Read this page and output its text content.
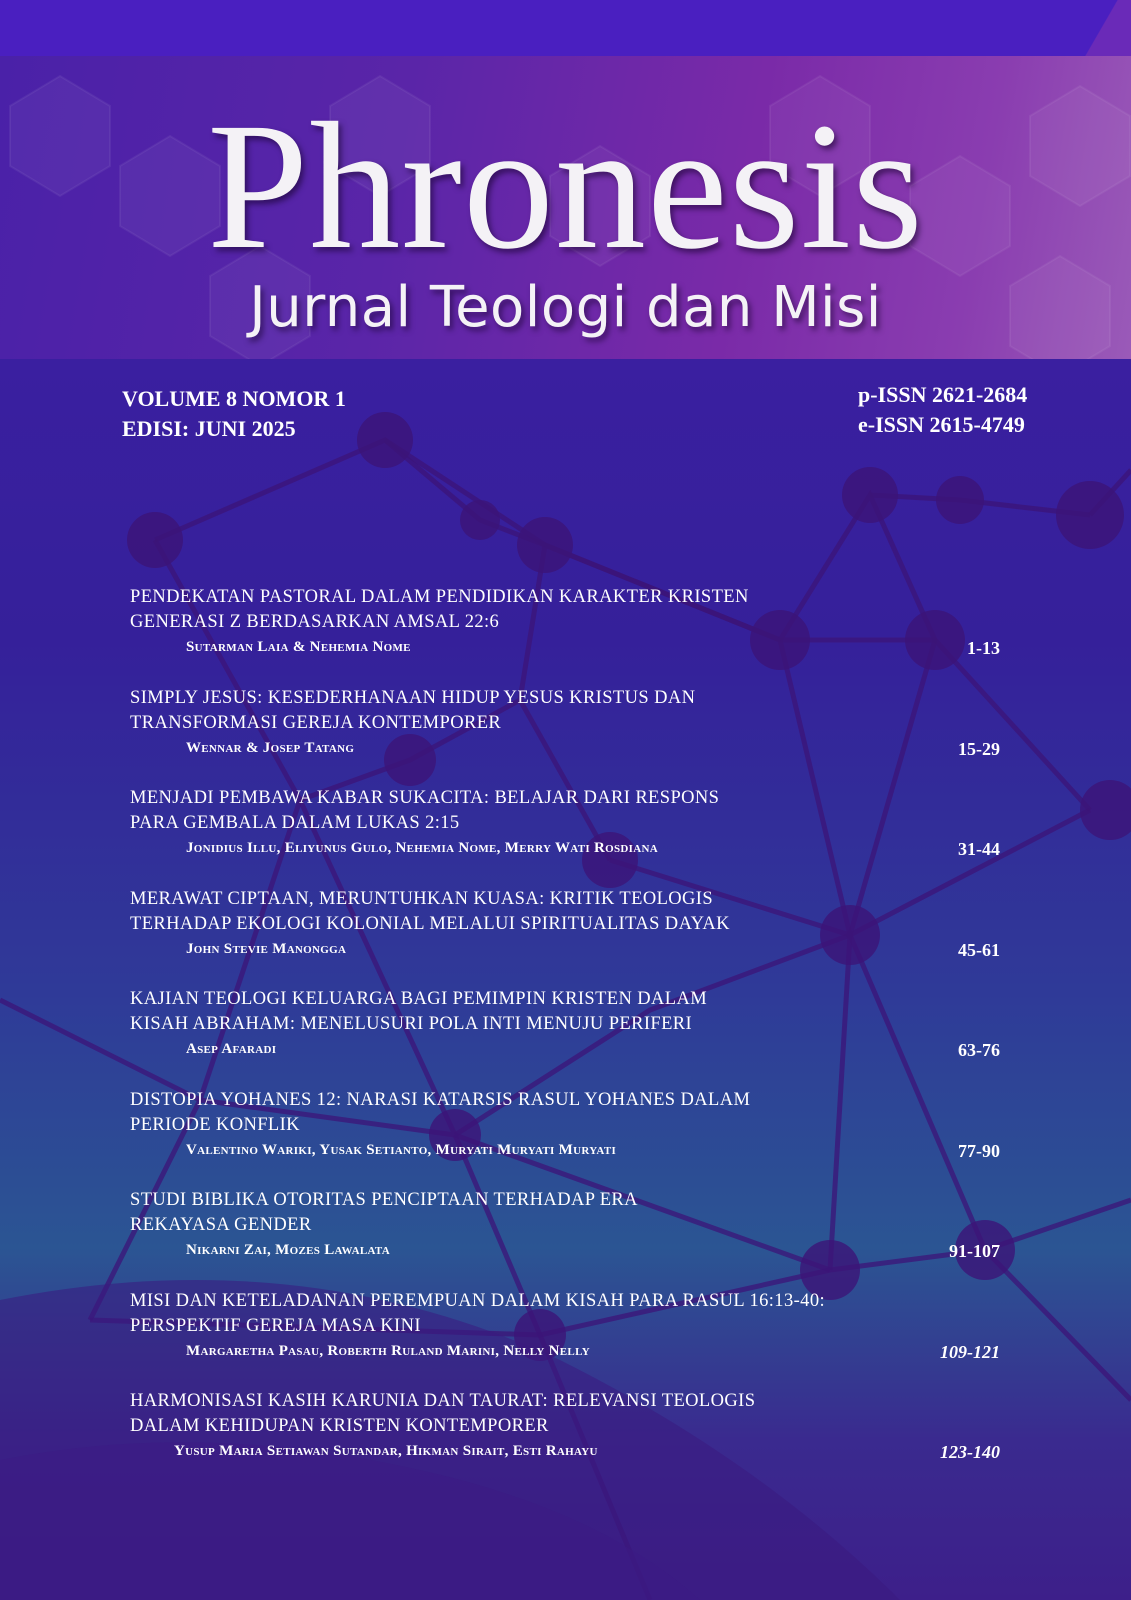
Phronesis
Jurnal Teologi dan Misi
VOLUME 8 NOMOR 1
EDISI: JUNI 2025
p-ISSN 2621-2684
e-ISSN 2615-4749
PENDEKATAN PASTORAL DALAM PENDIDIKAN KARAKTER KRISTEN
GENERASI Z BERDASARKAN AMSAL 22:6
Sutarman Laia & Nehemia Nome	1-13
SIMPLY JESUS: KESEDERHANAAN HIDUP YESUS KRISTUS DAN
TRANSFORMASI GEREJA KONTEMPORER
Wennar & Josep Tatang	15-29
MENJADI PEMBAWA KABAR SUKACITA: BELAJAR DARI RESPONS
PARA GEMBALA DALAM LUKAS 2:15
Jonidius Illu, Eliyunus Gulo, Nehemia Nome, Merry Wati Rosdiana	31-44
MERAWAT CIPTAAN, MERUNTUHKAN KUASA: KRITIK TEOLOGIS
TERHADAP EKOLOGI KOLONIAL MELALUI SPIRITUALITAS DAYAK
John Stevie Manongga	45-61
KAJIAN TEOLOGI KELUARGA BAGI PEMIMPIN KRISTEN DALAM
KISAH ABRAHAM: MENELUSURI POLA INTI MENUJU PERIFERI
Asep Afaradi	63-76
DISTOPIA YOHANES 12: NARASI KATARSIS RASUL YOHANES DALAM
PERIODE KONFLIK
Valentino Wariki, Yusak Setianto, Muryati Muryati Muryati	77-90
STUDI BIBLIKA OTORITAS PENCIPTAAN TERHADAP ERA
REKAYASA GENDER
Nikarni Zai, Mozes Lawalata	91-107
MISI DAN KETELADANAN PEREMPUAN DALAM KISAH PARA RASUL 16:13-40:
PERSPEKTIF GEREJA MASA KINI
Margaretha Pasau, Roberth Ruland Marini, Nelly Nelly	109-121
HARMONISASI KASIH KARUNIA DAN TAURAT: RELEVANSI TEOLOGIS
DALAM KEHIDUPAN KRISTEN KONTEMPORER
Yusup Maria Setiawan Sutandar, Hikman Sirait, Esti Rahayu	123-140
